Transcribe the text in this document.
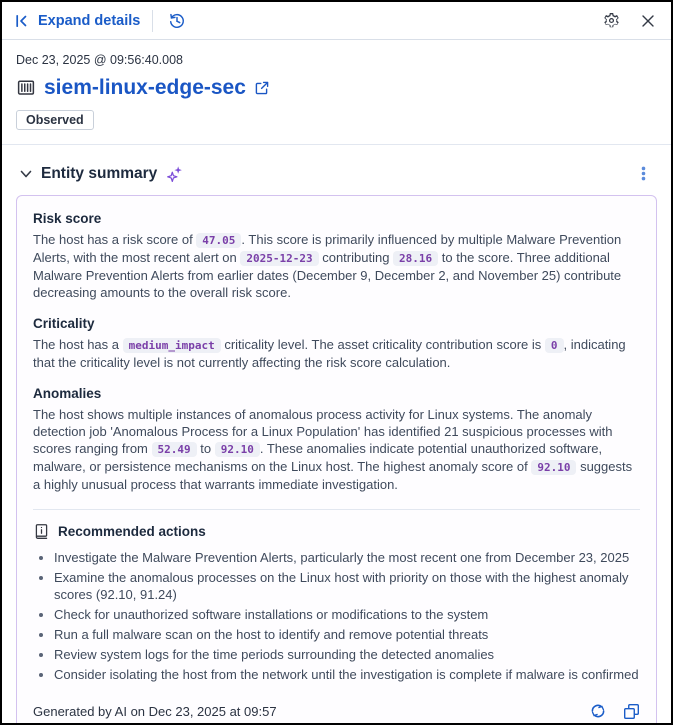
Expand details
Dec 23, 2025 @ 09:56:40.008
siem-linux-edge-sec
Observed
Entity summary
Risk score

The host has a risk score of 47.05 . This score is primarily influenced by multiple Malware Prevention Alerts, with the most recent alert on 2025-12-23 contributing 28.16 to the score. Three additional Malware Prevention Alerts from earlier dates (December 9, December 2, and November 25) contribute decreasing amounts to the overall risk score.

Criticality

The host has a medium_impact criticality level. The asset criticality contribution score is 0 , indicating that the criticality level is not currently affecting the risk score calculation.

Anomalies

The host shows multiple instances of anomalous process activity for Linux systems. The anomaly detection job 'Anomalous Process for a Linux Population' has identified 21 suspicious processes with scores ranging from 52.49 to 92.10 . These anomalies indicate potential unauthorized software, malware, or persistence mechanisms on the Linux host. The highest anomaly score of 92.10 suggests a highly unusual process that warrants immediate investigation.

Recommended actions
• Investigate the Malware Prevention Alerts, particularly the most recent one from December 23, 2025
• Examine the anomalous processes on the Linux host with priority on those with the highest anomaly scores (92.10, 91.24)
• Check for unauthorized software installations or modifications to the system
• Run a full malware scan on the host to identify and remove potential threats
• Review system logs for the time periods surrounding the detected anomalies
• Consider isolating the host from the network until the investigation is complete if malware is confirmed
Generated by AI on Dec 23, 2025 at 09:57
